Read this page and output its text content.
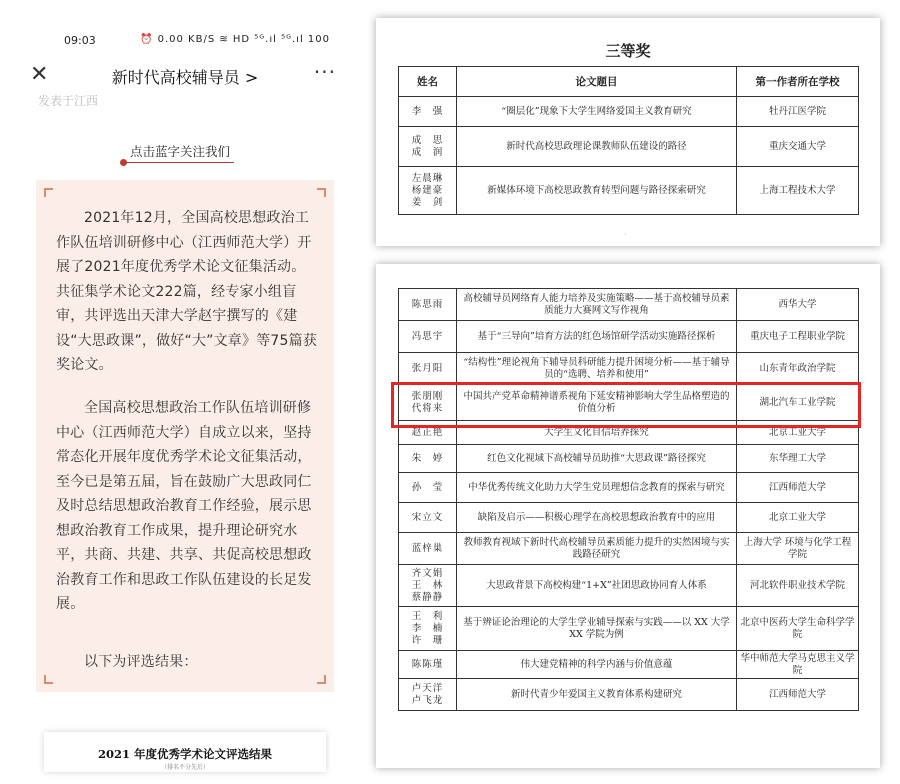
09:03	⏰ 0.00 KB/S ≋ HD ⁵ᴳ.ıl ⁵ᴳ.ıl 100
✕	新时代高校辅导员 >	···
发表于江西
点击蓝字关注我们

2021年12月，全国高校思想政治工作队伍培训研修中心（江西师范大学）开展了2021年度优秀学术论文征集活动。共征集学术论文222篇，经专家小组盲审，共评选出天津大学赵宇撰写的《建设“大思政课”，做好“大”文章》等75篇获奖论文。

全国高校思想政治工作队伍培训研修中心（江西师范大学）自成立以来，坚持常态化开展年度优秀学术论文征集活动，至今已是第五届，旨在鼓励广大思政同仁及时总结思想政治教育工作经验，展示思想政治教育工作成果，提升理论研究水平，共商、共建、共享、共促高校思想政治教育工作和思政工作队伍建设的长足发展。

以下为评选结果：

2021 年度优秀学术论文评选结果
（排名不分先后）
三等奖
姓名	论文题目	第一作者所在学校
李　强	“圈层化”现象下大学生网络爱国主义教育研究	牡丹江医学院
成　思
成　润	新时代高校思政理论课教师队伍建设的路径	重庆交通大学
左晨琳
杨建豪
姜　剑	新媒体环境下高校思政教育转型问题与路径探索研究	上海工程技术大学
·
陈思雨	高校辅导员网络育人能力培养及实施策略——基于高校辅导员素质能力大赛网文写作视角	西华大学
冯思宇	基于“三导向”培育方法的红色场馆研学活动实施路径探析	重庆电子工程职业学院
张月阳	“结构性”理论视角下辅导员科研能力提升困境分析——基于辅导员的“选聘、培养和使用”	山东青年政治学院
张朋刚
代将来	中国共产党革命精神谱系视角下延安精神影响大学生品格塑造的价值分析	湖北汽车工业学院
赵正艳	大学生文化自信培养探究	北京工业大学
朱　婷	红色文化视域下高校辅导员助推“大思政课”路径探究	东华理工大学
孙　莹	中华优秀传统文化助力大学生党员理想信念教育的探索与研究	江西师范大学
宋立文	缺陷及启示——积极心理学在高校思想政治教育中的应用	北京工业大学
蓝梓巢	教师教育视域下新时代高校辅导员素质能力提升的实然困境与实践路径研究	上海大学 环境与化学工程学院
齐文娟
王　林
蔡静静	大思政背景下高校构建“1+X”社团思政协同育人体系	河北软件职业技术学院
王　利
李　楠
许　珊	基于辨证论治理论的大学生学业辅导探索与实践——以 XX 大学 XX 学院为例	北京中医药大学生命科学学院
陈陈瑾	伟大建党精神的科学内涵与价值意蕴	华中师范大学马克思主义学院
卢天洋
卢飞龙	新时代青少年爱国主义教育体系构建研究	江西师范大学
